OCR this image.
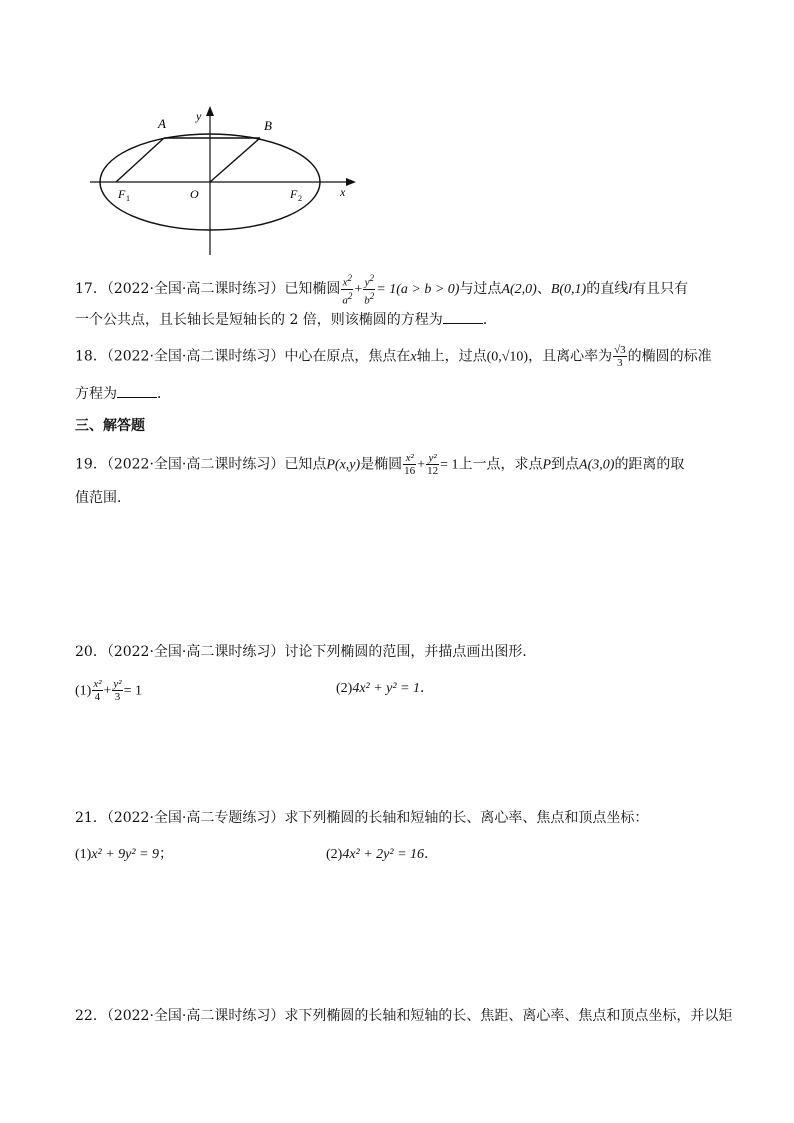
A	B
y
x
O
F 1	F 2
17．（2022·全国·高二课时练习）已知椭圆 $\frac{x^2}{a^2} + \frac{y^2}{b^2} = 1(a > b > 0)$与过点A(2,0)、B(0,1)的直线l有且只有
一个公共点，且长轴长是短轴长的 2 倍，则该椭圆的方程为	．
18．（2022·全国·高二课时练习）中心在原点，焦点在x轴上，过点(0,√10)，且离心率为 $\frac{√3}{3}$ 的椭圆的标准
方程为	．
三、解答题
19．（2022·全国·高二课时练习）已知点P(x,y)是椭圆 $\frac{\text{x²}}{16} + \frac{\text{y²}}{12} = 1$上一点，求点P到点A(3,0)的距离的取
值范围．
20．（2022·全国·高二课时练习）讨论下列椭圆的范围，并描点画出图形．
$(1) \frac{\text{x²}}{4} + \frac{\text{y²}}{3} = 1$	(2)4x² + y² = 1．
21．（2022·全国·高二专题练习）求下列椭圆的长轴和短轴的长、离心率、焦点和顶点坐标：
(1)x² + 9y² = 9；	(2)4x² + 2y² = 16．
22．（2022·全国·高二课时练习）求下列椭圆的长轴和短轴的长、焦距、离心率、焦点和顶点坐标，并以矩
